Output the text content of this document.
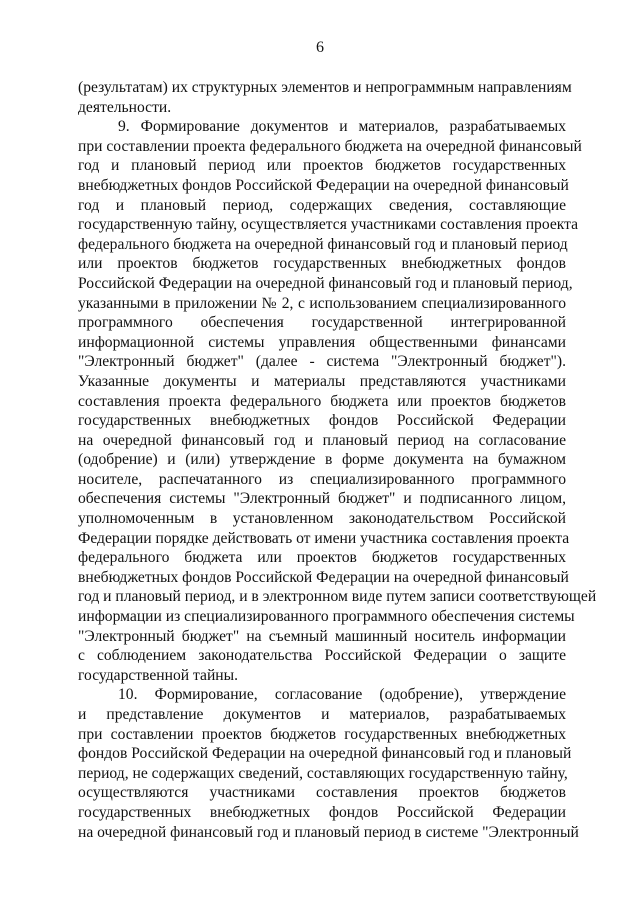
6
(результатам) их структурных элементов и непрограммным направлениям
деятельности.
9. Формирование документов и материалов, разрабатываемых
при составлении проекта федерального бюджета на очередной финансовый
год и плановый период или проектов бюджетов государственных
внебюджетных фондов Российской Федерации на очередной финансовый
год и плановый период, содержащих сведения, составляющие
государственную тайну, осуществляется участниками составления проекта
федерального бюджета на очередной финансовый год и плановый период
или проектов бюджетов государственных внебюджетных фондов
Российской Федерации на очередной финансовый год и плановый период,
указанными в приложении № 2, с использованием специализированного
программного обеспечения государственной интегрированной
информационной системы управления общественными финансами
"Электронный бюджет" (далее - система "Электронный бюджет").
Указанные документы и материалы представляются участниками
составления проекта федерального бюджета или проектов бюджетов
государственных внебюджетных фондов Российской Федерации
на очередной финансовый год и плановый период на согласование
(одобрение) и (или) утверждение в форме документа на бумажном
носителе, распечатанного из специализированного программного
обеспечения системы "Электронный бюджет" и подписанного лицом,
уполномоченным в установленном законодательством Российской
Федерации порядке действовать от имени участника составления проекта
федерального бюджета или проектов бюджетов государственных
внебюджетных фондов Российской Федерации на очередной финансовый
год и плановый период, и в электронном виде путем записи соответствующей
информации из специализированного программного обеспечения системы
"Электронный бюджет" на съемный машинный носитель информации
с соблюдением законодательства Российской Федерации о защите
государственной тайны.
10. Формирование, согласование (одобрение), утверждение
и представление документов и материалов, разрабатываемых
при составлении проектов бюджетов государственных внебюджетных
фондов Российской Федерации на очередной финансовый год и плановый
период, не содержащих сведений, составляющих государственную тайну,
осуществляются участниками составления проектов бюджетов
государственных внебюджетных фондов Российской Федерации
на очередной финансовый год и плановый период в системе "Электронный
